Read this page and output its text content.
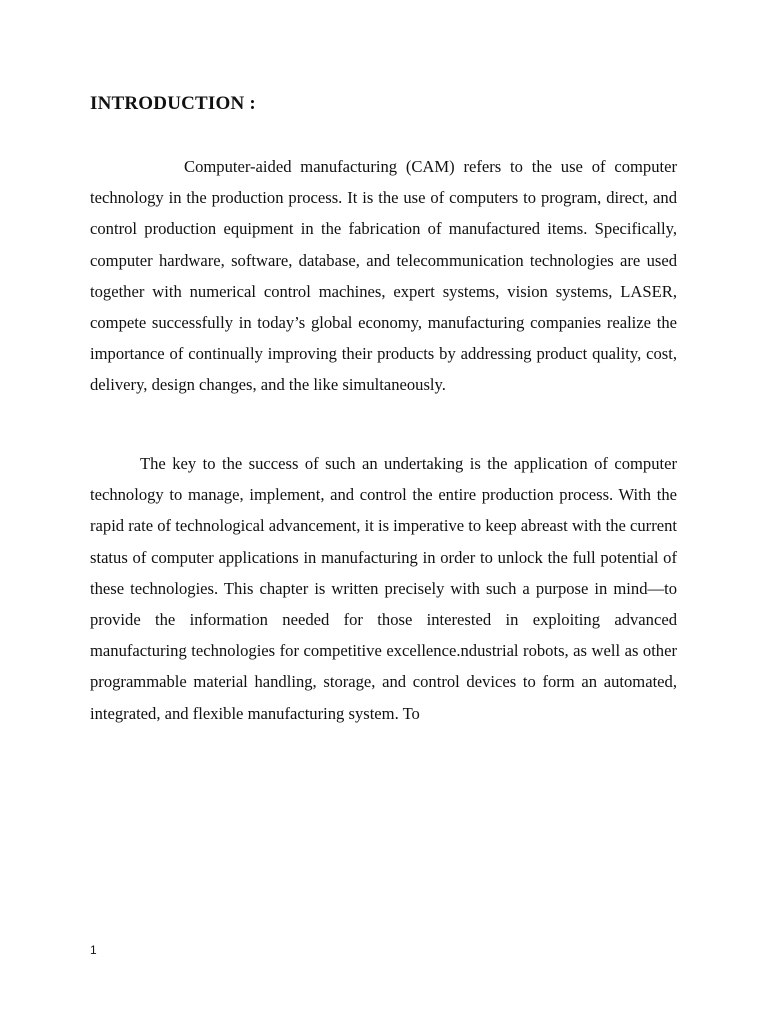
INTRODUCTION :

Computer-aided manufacturing (CAM) refers to the use of computer technology in the production process. It is the use of computers to program, direct, and control production equipment in the fabrication of manufactured items. Specifically, computer hardware, software, database, and telecommunication technologies are used together with numerical control machines, expert systems, vision systems, LASER, compete successfully in today’s global economy, manufacturing companies realize the importance of continually improving their products by addressing product quality, cost, delivery, design changes, and the like simultaneously.

The key to the success of such an undertaking is the application of computer technology to manage, implement, and control the entire production process. With the rapid rate of technological advancement, it is imperative to keep abreast with the current status of computer applications in manufacturing in order to unlock the full potential of these technologies. This chapter is written precisely with such a purpose in mind—to provide the information needed for those interested in exploiting advanced manufacturing technologies for competitive excellence.ndustrial robots, as well as other programmable material handling, storage, and control devices to form an automated, integrated, and flexible manufacturing system. To

1
